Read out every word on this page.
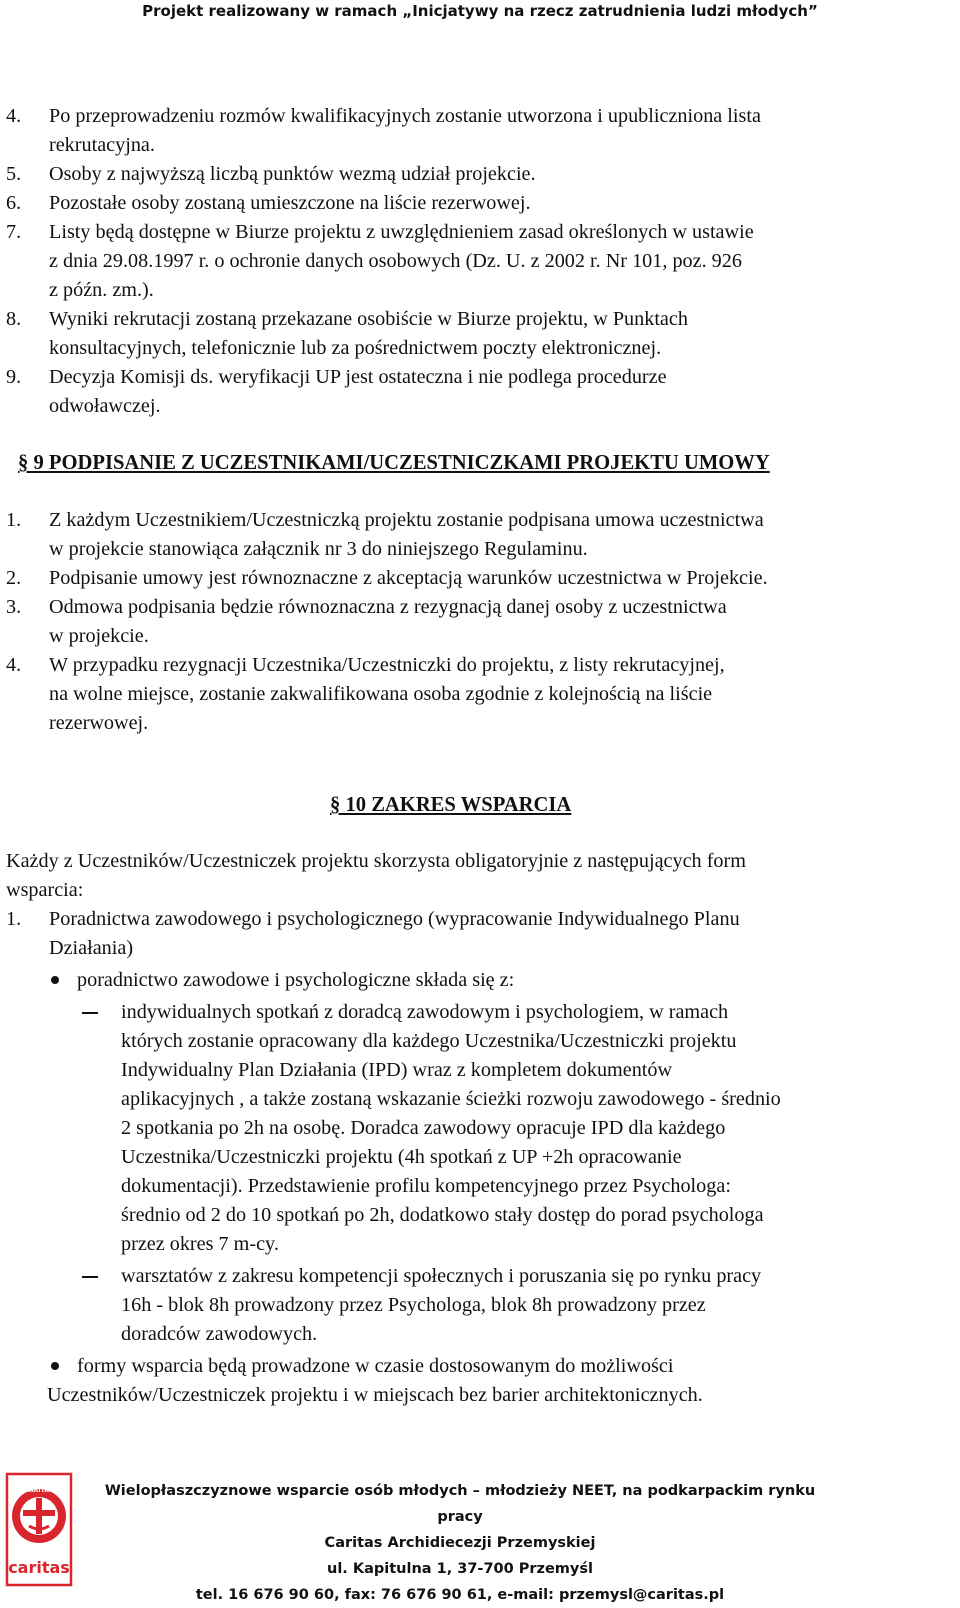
Projekt realizowany w ramach „Inicjatywy na rzecz zatrudnienia ludzi młodych”
4.	Po przeprowadzeniu rozmów kwalifikacyjnych zostanie utworzona i upubliczniona lista
rekrutacyjna.
5.	Osoby z najwyższą liczbą punktów wezmą udział projekcie.
6.	Pozostałe osoby zostaną umieszczone na liście rezerwowej.
7.	Listy będą dostępne w Biurze projektu z uwzględnieniem zasad określonych w ustawie
z dnia 29.08.1997 r. o ochronie danych osobowych (Dz. U. z 2002 r. Nr 101, poz. 926
z późn. zm.).
8.	Wyniki rekrutacji zostaną przekazane osobiście w Biurze projektu, w Punktach
konsultacyjnych, telefonicznie lub za pośrednictwem poczty elektronicznej.
9.	Decyzja Komisji ds. weryfikacji UP jest ostateczna i nie podlega procedurze
odwoławczej.
§ 9 PODPISANIE Z UCZESTNIKAMI/UCZESTNICZKAMI PROJEKTU UMOWY
1.	Z każdym Uczestnikiem/Uczestniczką projektu zostanie podpisana umowa uczestnictwa
w projekcie stanowiąca załącznik nr 3 do niniejszego Regulaminu.
2.	Podpisanie umowy jest równoznaczne z akceptacją warunków uczestnictwa w Projekcie.
3.	Odmowa podpisania będzie równoznaczna z rezygnacją danej osoby z uczestnictwa
w projekcie.
4.	W przypadku rezygnacji Uczestnika/Uczestniczki do projektu, z listy rekrutacyjnej,
na wolne miejsce, zostanie zakwalifikowana osoba zgodnie z kolejnością na liście
rezerwowej.
§ 10 ZAKRES WSPARCIA
Każdy z Uczestników/Uczestniczek projektu skorzysta obligatoryjnie z następujących form
wsparcia:
1.	Poradnictwa zawodowego i psychologicznego (wypracowanie Indywidualnego Planu
Działania)
poradnictwo zawodowe i psychologiczne składa się z:
indywidualnych spotkań z doradcą zawodowym i psychologiem, w ramach
których zostanie opracowany dla każdego Uczestnika/Uczestniczki projektu
Indywidualny Plan Działania (IPD) wraz z kompletem dokumentów
aplikacyjnych , a także zostaną wskazanie ścieżki rozwoju zawodowego - średnio
2 spotkania po 2h na osobę. Doradca zawodowy opracuje IPD dla każdego
Uczestnika/Uczestniczki projektu (4h spotkań z UP +2h opracowanie
dokumentacji). Przedstawienie profilu kompetencyjnego przez Psychologa:
średnio od 2 do 10 spotkań po 2h, dodatkowo stały dostęp do porad psychologa
przez okres 7 m-cy.
warsztatów z zakresu kompetencji społecznych i poruszania się po rynku pracy
16h - blok 8h prowadzony przez Psychologa, blok 8h prowadzony przez
doradców zawodowych.
formy wsparcia będą prowadzone w czasie dostosowanym do możliwości
Uczestników/Uczestniczek projektu i w miejscach bez barier architektonicznych.
CARITAS
caritas
Wielopłaszczyznowe wsparcie osób młodych – młodzieży NEET, na podkarpackim rynku pracy
Caritas Archidiecezji Przemyskiej
ul. Kapitulna 1, 37-700 Przemyśl
tel. 16 676 90 60, fax: 76 676 90 61, e-mail: przemysl@caritas.pl
